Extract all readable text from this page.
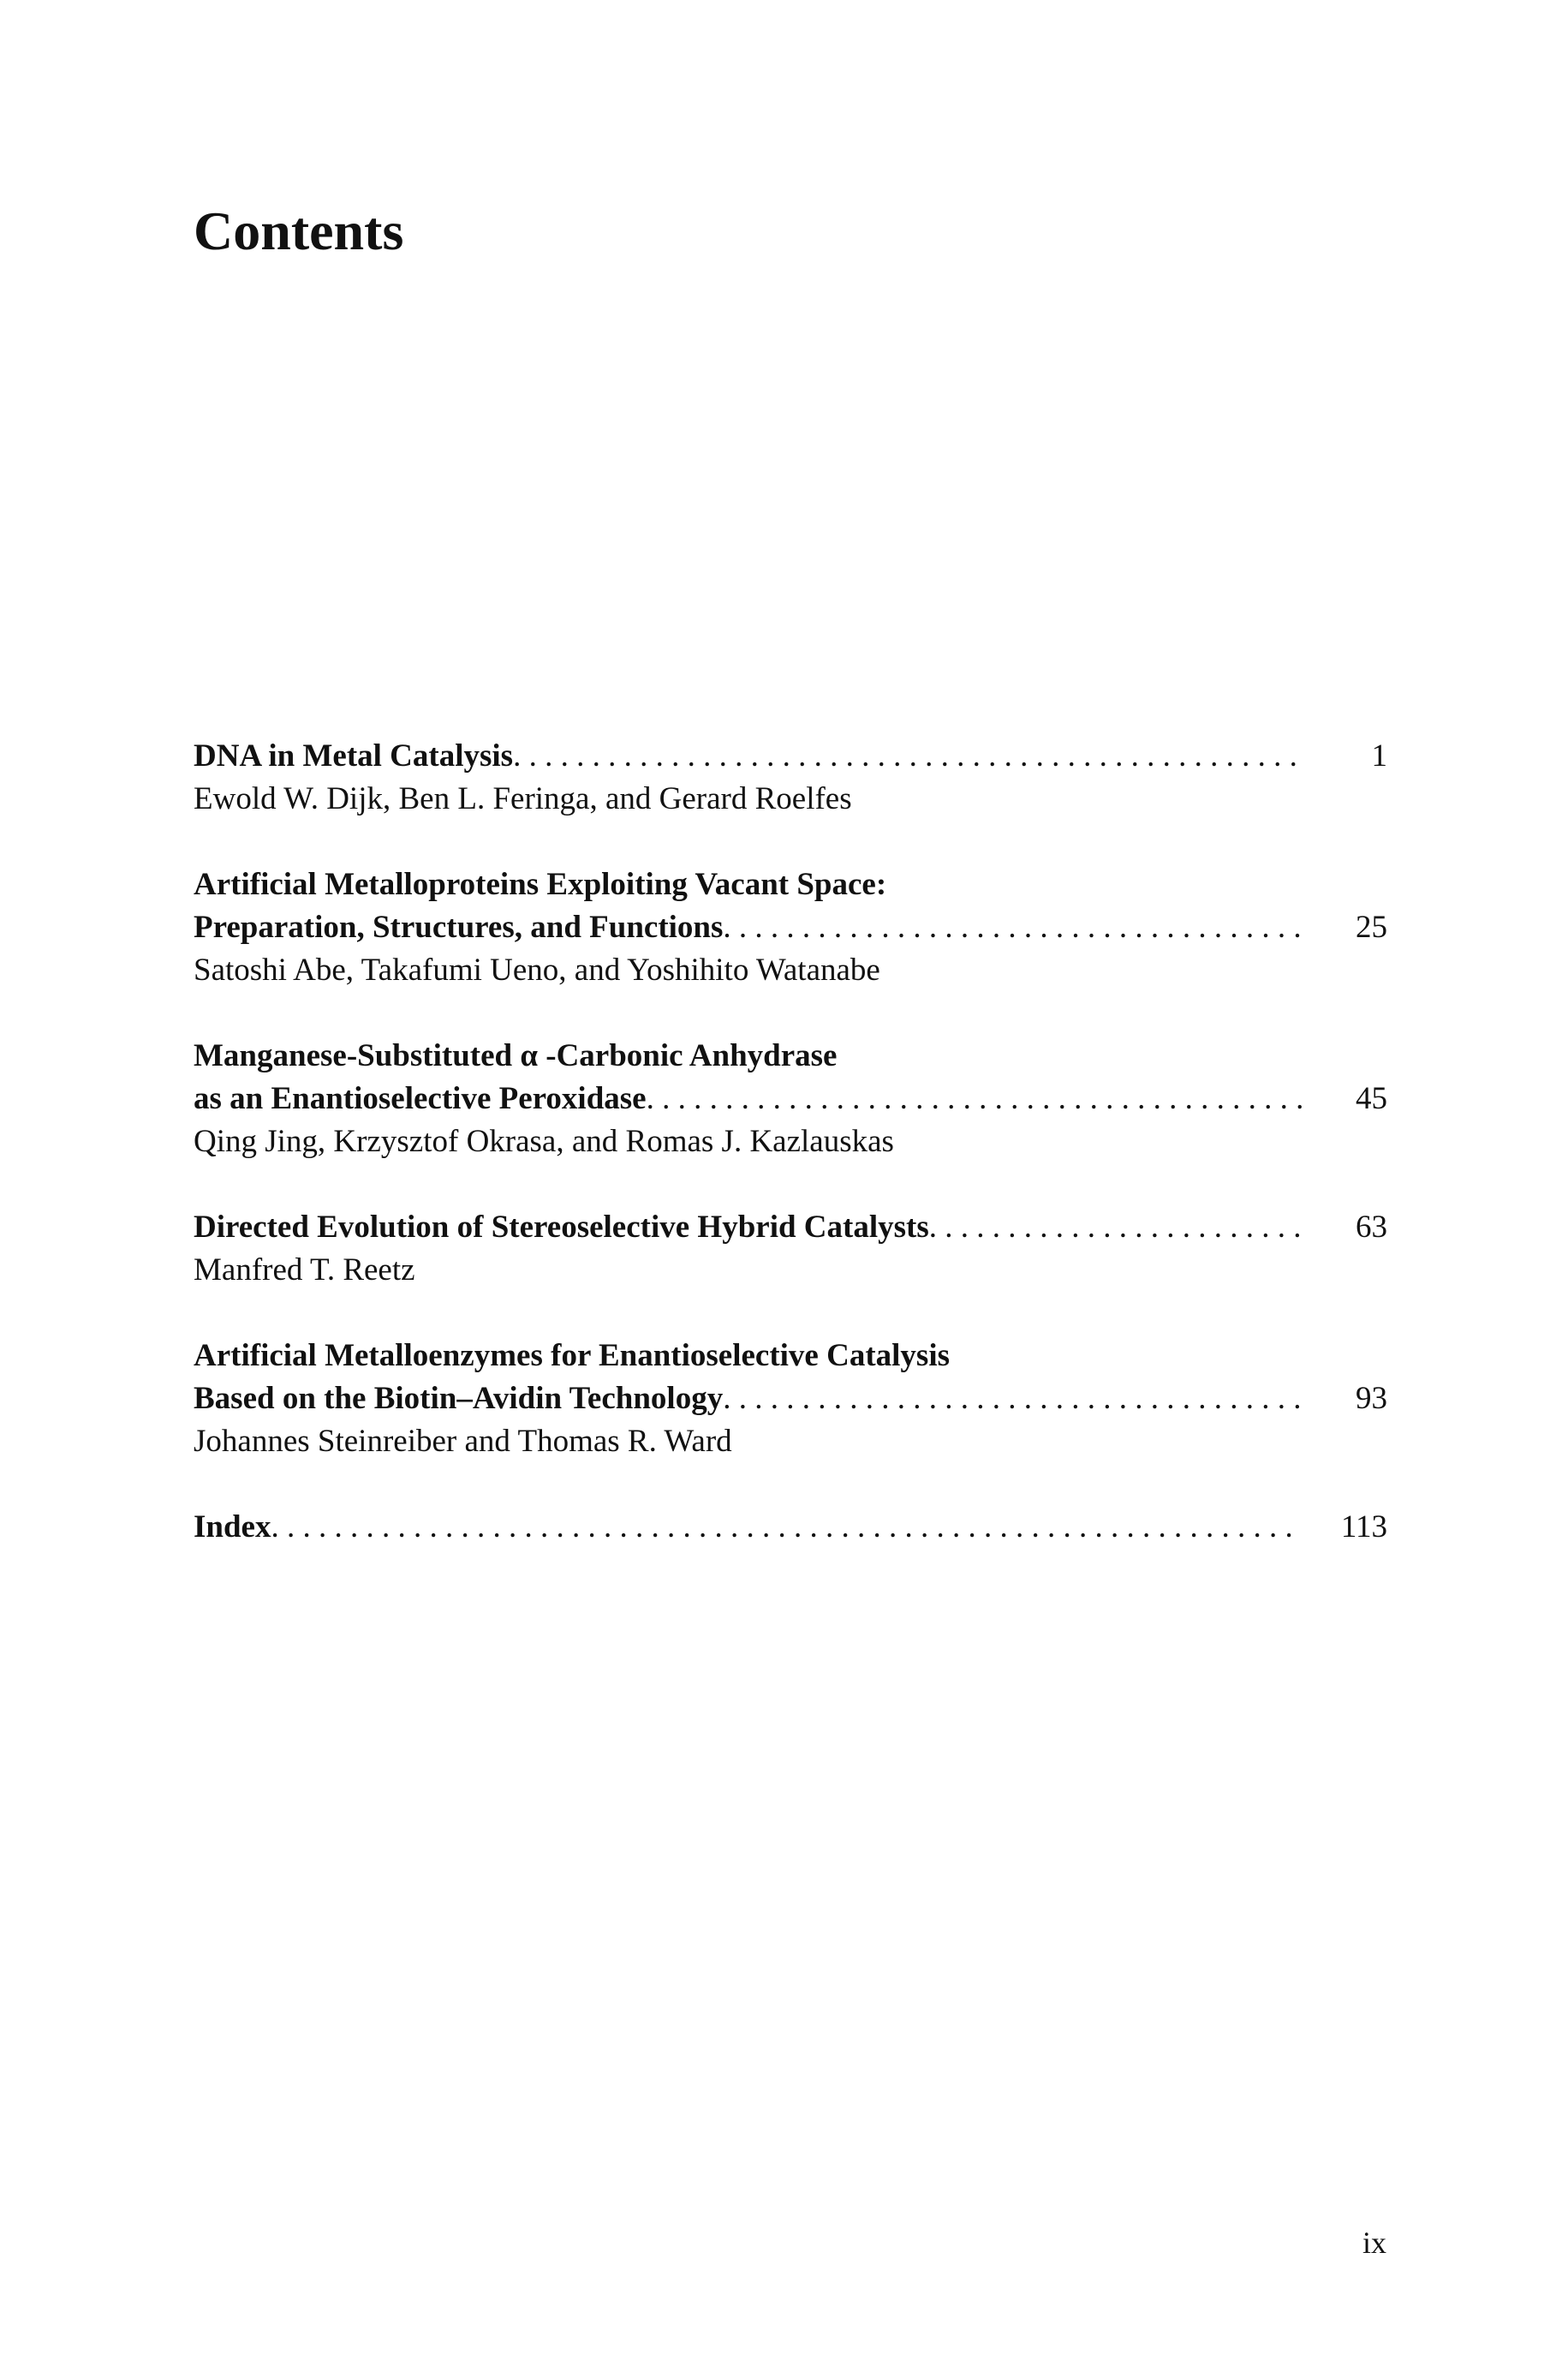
Contents
DNA in Metal Catalysis . . .	1
Ewold W. Dijk, Ben L. Feringa, and Gerard Roelfes
Artificial Metalloproteins Exploiting Vacant Space:
Preparation, Structures, and Functions . . .	25
Satoshi Abe, Takafumi Ueno, and Yoshihito Watanabe
Manganese-Substituted α -Carbonic Anhydrase
as an Enantioselective Peroxidase . . .	45
Qing Jing, Krzysztof Okrasa, and Romas J. Kazlauskas
Directed Evolution of Stereoselective Hybrid Catalysts . . .	63
Manfred T. Reetz
Artificial Metalloenzymes for Enantioselective Catalysis
Based on the Biotin–Avidin Technology . . .	93
Johannes Steinreiber and Thomas R. Ward
Index . . .	113
ix
